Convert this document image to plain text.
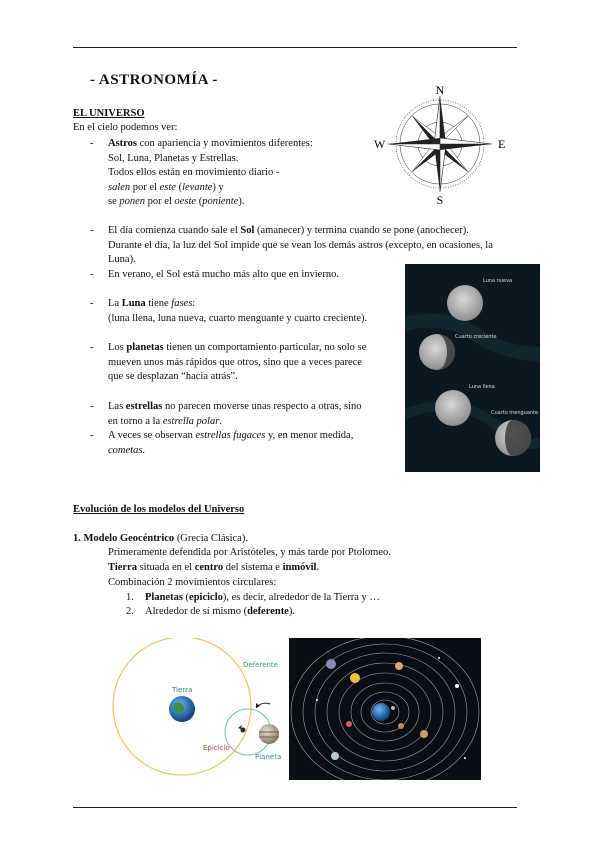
- ASTRONOMÍA -
N
S
E
W
EL UNIVERSO
En el cielo podemos ver:
- Astros con apariencia y movimientos diferentes:
Sol, Luna, Planetas y Estrellas.
Todos ellos están en movimiento diario -
salen por el este (levante) y
se ponen por el oeste (poniente).
- El día comienza cuando sale el Sol (amanecer) y termina cuando se pone (anochecer).
Durante el día, la luz del Sol impide que se vean los demás astros (excepto, en ocasiones, la
Luna).
- En verano, el Sol está mucho más alto que en invierno.
- La Luna tiene fases:
(luna llena, luna nueva, cuarto menguante y cuarto creciente).
- Los planetas tienen un comportamiento particular, no solo se
mueven unos más rápidos que otros, sino que a veces parece
que se desplazan “hacia atrás”.
- Las estrellas no parecen moverse unas respecto a otras, sino
en torno a la estrella polar.
- A veces se observan estrellas fugaces y, en menor medida,
cometas.
Luna nueva
Cuarto creciente
Luna llena
Cuarto menguante
Evolución de los modelos del Universo
1. Modelo Geocéntrico (Grecia Clásica).
Primeramente defendida por Aristóteles, y más tarde por Ptolomeo.
Tierra situada en el centro del sistema e inmóvil.
Combinación 2 movimientos circulares:
1. Planetas (epiciclo), es decir, alrededor de la Tierra y …
2. Alrededor de sí mismo (deferente).
Deferente
Tierra
Epiciclo
Planeta
